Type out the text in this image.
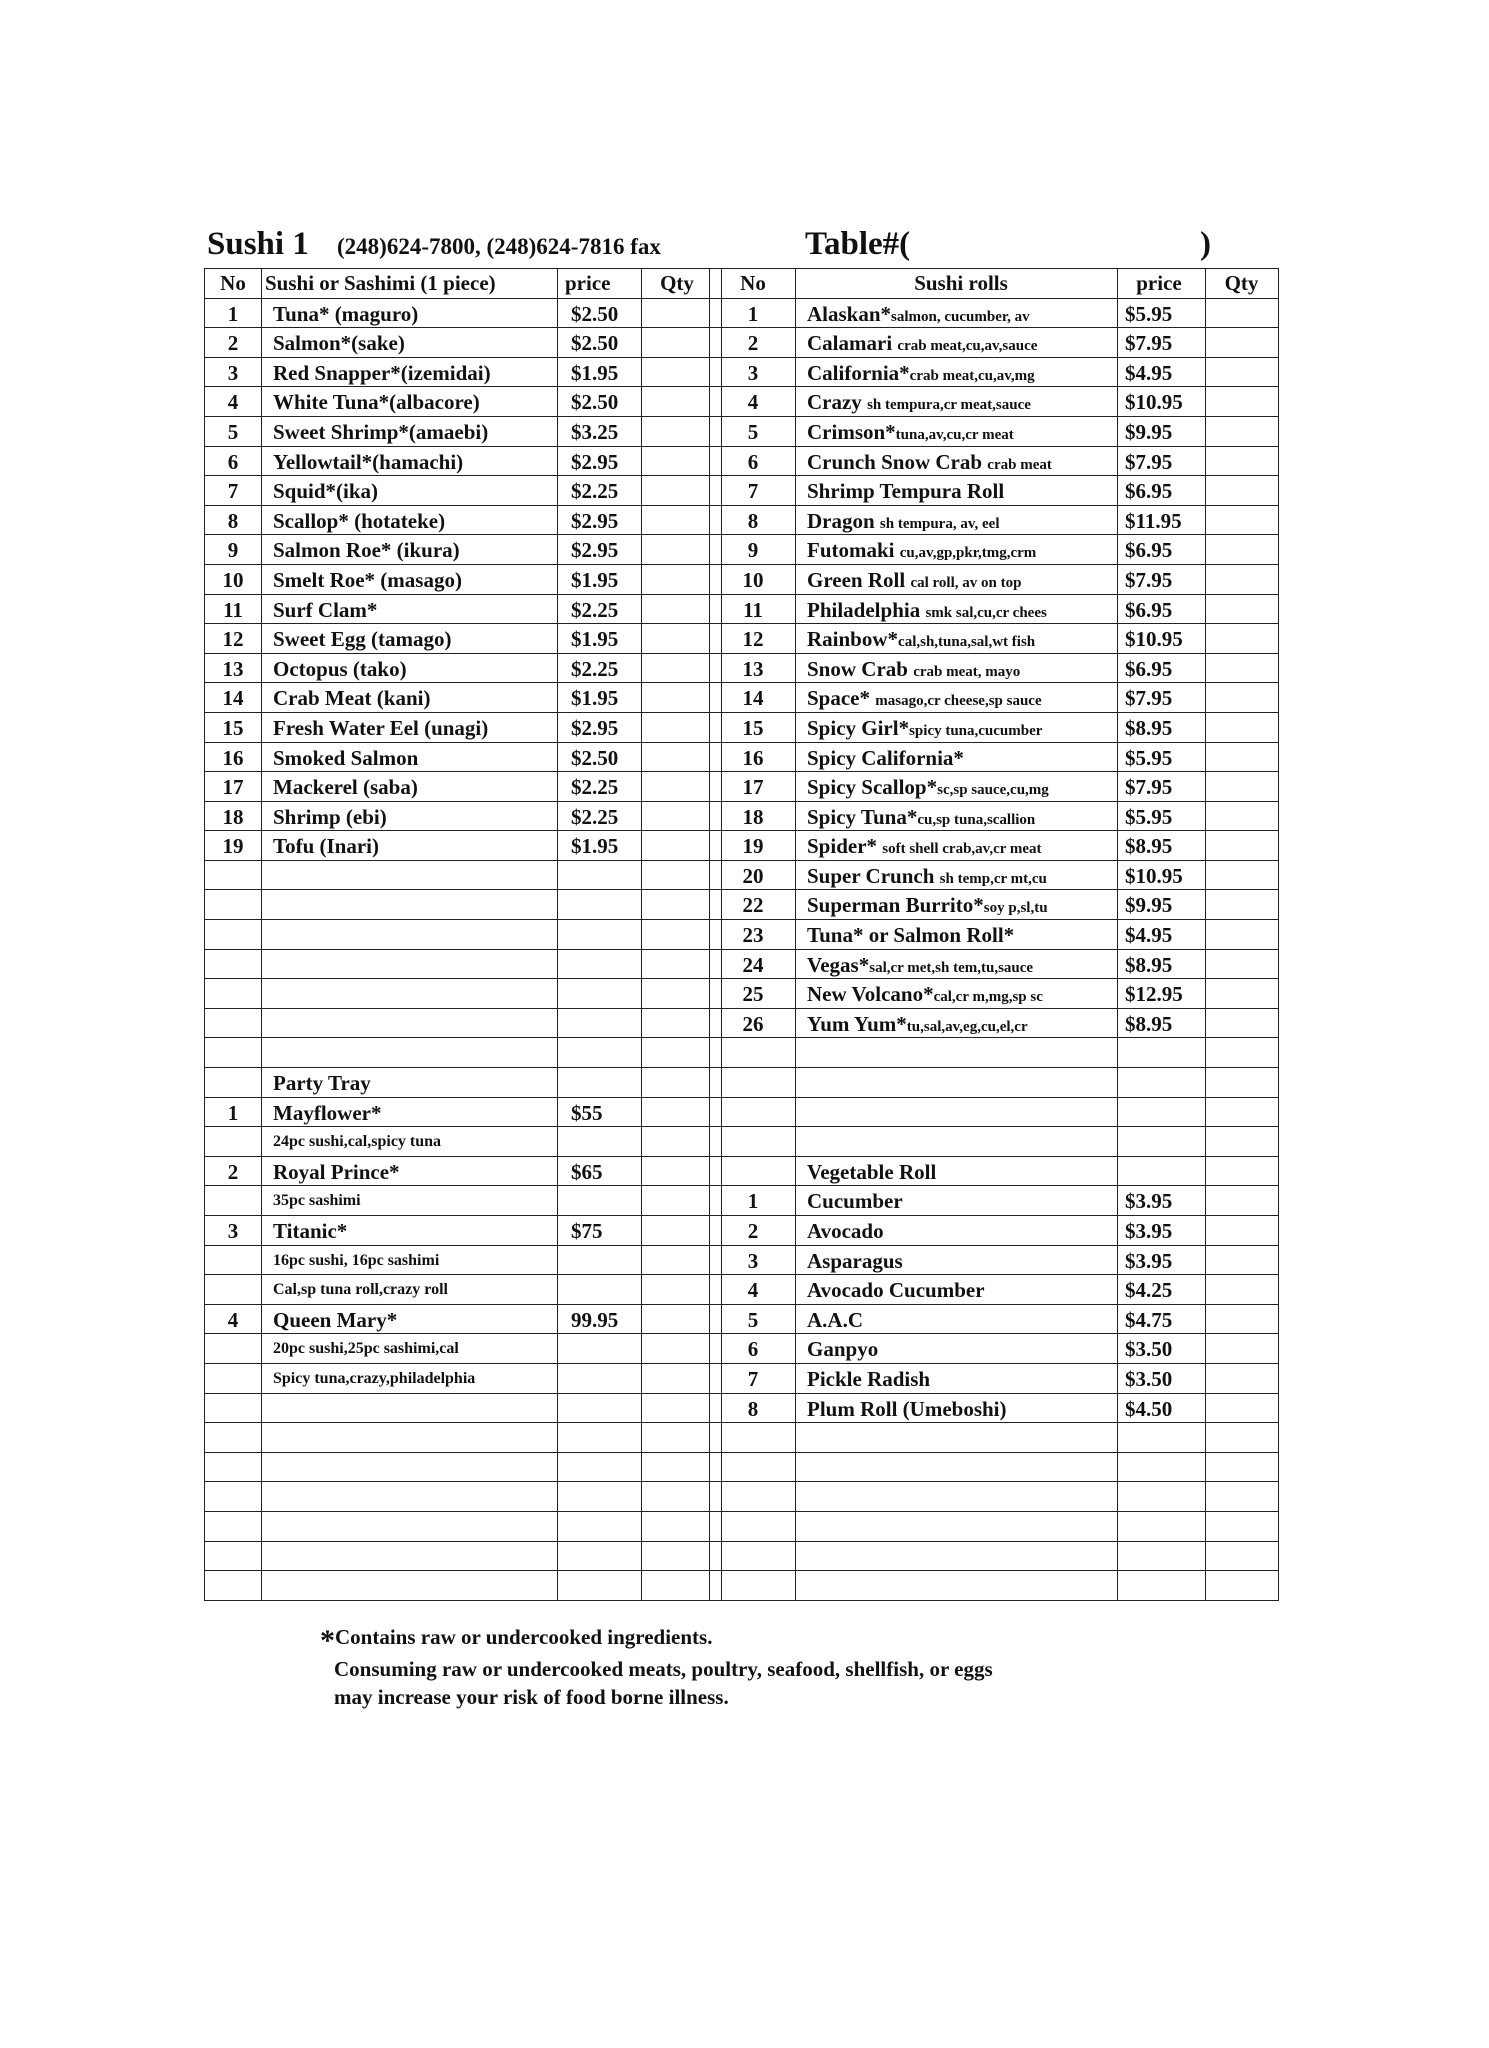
Sushi 1 (248)624-7800, (248)624-7816 fax	Table#(	)
No Sushi or Sashimi (1 piece)	price	Qty	No	Sushi rolls	price	Qty
1	Tuna* (maguro)	$2.50	1	Alaskan*salmon, cucumber, av	$5.95
2	Salmon*(sake)	$2.50	2	Calamari crab meat,cu,av,sauce	$7.95
3	Red Snapper*(izemidai)	$1.95	3	California*crab meat,cu,av,mg	$4.95
4	White Tuna*(albacore)	$2.50	4	Crazy sh tempura,cr meat,sauce	$10.95
5	Sweet Shrimp*(amaebi)	$3.25	5	Crimson*tuna,av,cu,cr meat	$9.95
6	Yellowtail*(hamachi)	$2.95	6	Crunch Snow Crab crab meat	$7.95
7	Squid*(ika)	$2.25	7	Shrimp Tempura Roll	$6.95
8	Scallop* (hotateke)	$2.95	8	Dragon sh tempura, av, eel	$11.95
9	Salmon Roe* (ikura)	$2.95	9	Futomaki cu,av,gp,pkr,tmg,crm	$6.95
10	Smelt Roe* (masago)	$1.95	10	Green Roll cal roll, av on top	$7.95
11	Surf Clam*	$2.25	11	Philadelphia smk sal,cu,cr chees	$6.95
12	Sweet Egg (tamago)	$1.95	12	Rainbow*cal,sh,tuna,sal,wt fish	$10.95
13	Octopus (tako)	$2.25	13	Snow Crab crab meat, mayo	$6.95
14	Crab Meat (kani)	$1.95	14	Space* masago,cr cheese,sp sauce	$7.95
15	Fresh Water Eel (unagi)	$2.95	15	Spicy Girl*spicy tuna,cucumber	$8.95
16	Smoked Salmon	$2.50	16	Spicy California*	$5.95
17	Mackerel (saba)	$2.25	17	Spicy Scallop*sc,sp sauce,cu,mg	$7.95
18	Shrimp (ebi)	$2.25	18	Spicy Tuna*cu,sp tuna,scallion	$5.95
19	Tofu (Inari)	$1.95	19	Spider* soft shell crab,av,cr meat	$8.95
20	Super Crunch sh temp,cr mt,cu	$10.95
22	Superman Burrito*soy p,sl,tu	$9.95
23	Tuna* or Salmon Roll*	$4.95
24	Vegas*sal,cr met,sh tem,tu,sauce	$8.95
25	New Volcano*cal,cr m,mg,sp sc	$12.95
26	Yum Yum*tu,sal,av,eg,cu,el,cr	$8.95
Party Tray
1	Mayflower*	$55
24pc sushi,cal,spicy tuna
2	Royal Prince*	$65	Vegetable Roll
35pc sashimi	1	Cucumber	$3.95
3	Titanic*	$75	2	Avocado	$3.95
16pc sushi, 16pc sashimi	3	Asparagus	$3.95
Cal,sp tuna roll,crazy roll	4	Avocado Cucumber	$4.25
4	Queen Mary*	99.95	5	A.A.C	$4.75
20pc sushi,25pc sashimi,cal	6	Ganpyo	$3.50
Spicy tuna,crazy,philadelphia	7	Pickle Radish	$3.50
8	Plum Roll (Umeboshi)	$4.50
*Contains raw or undercooked ingredients.
Consuming raw or undercooked meats, poultry, seafood, shellfish, or eggs
may increase your risk of food borne illness.
